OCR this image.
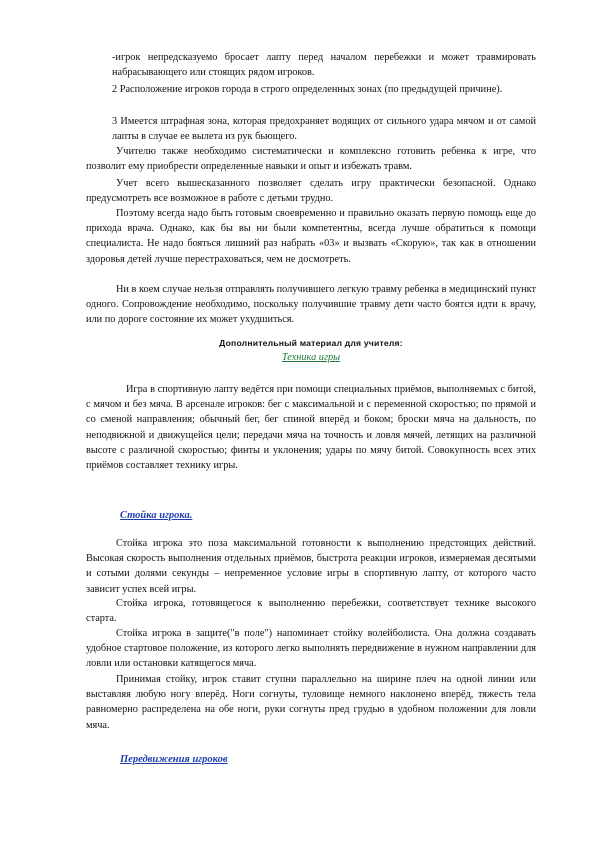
-игрок непредсказуемо бросает лапту перед началом перебежки и может травмировать набрасывающего или стоящих рядом игроков.

2 Расположение игроков города в строго определенных зонах (по предыдущей причине).

3 Имеется штрафная зона, которая предохраняет водящих от сильного удара мячом и от самой лапты в случае ее вылета из рук бьющего.

Учителю также необходимо систематически и комплексно готовить ребенка к игре, что позволит ему приобрести определенные навыки и опыт и избежать травм.

Учет всего вышесказанного позволяет сделать игру практически безопасной. Однако предусмотреть все возможное в работе с детьми трудно.

Поэтому всегда надо быть готовым своевременно и правильно оказать первую помощь еще до прихода врача. Однако, как бы вы ни были компетентны, всегда лучше обратиться к помощи специалиста. Не надо бояться лишний раз набрать «03» и вызвать «Скорую», так как в отношении здоровья детей лучше перестраховаться, чем не досмотреть.

Ни в коем случае нельзя отправлять получившего легкую травму ребенка в медицинский пункт одного. Сопровождение необходимо, поскольку получившие травму дети часто боятся идти к врачу, или по дороге состояние их может ухудшиться.

Дополнительный материал для учителя:

Техника игры

Игра в спортивную лапту ведётся при помощи специальных приёмов, выполняемых с битой, с мячом и без мяча. В арсенале игроков: бег с максимальной и с переменной скоростью; по прямой и со сменой направления; обычный бег, бег спиной вперёд и боком; броски мяча на дальность, по неподвижной и движущейся цели; передачи мяча на точность и ловля мячей, летящих на различной высоте с различной скоростью; финты и уклонения; удары по мячу битой. Совокупность всех этих приёмов составляет технику игры.

Стойка игрока.

Стойка игрока это поза максимальной готовности к выполнению предстоящих действий. Высокая скорость выполнения отдельных приёмов, быстрота реакции игроков, измеряемая десятыми и сотыми долями секунды – непременное условие игры в спортивную лапту, от которого часто зависит успех всей игры.

Стойка игрока, готовящегося к выполнению перебежки, соответствует технике высокого старта.

Стойка игрока в защите("в поле") напоминает стойку волейболиста. Она должна создавать удобное стартовое положение, из которого легко выполнять передвижение в нужном направлении для ловли или остановки катящегося мяча.

Принимая стойку, игрок ставит ступни параллельно на ширине плеч на одной линии или выставляя любую ногу вперёд. Ноги согнуты, туловище немного наклонено вперёд, тяжесть тела равномерно распределена на обе ноги, руки согнуты пред грудью в удобном положении для ловли мяча.

Передвижения игроков
